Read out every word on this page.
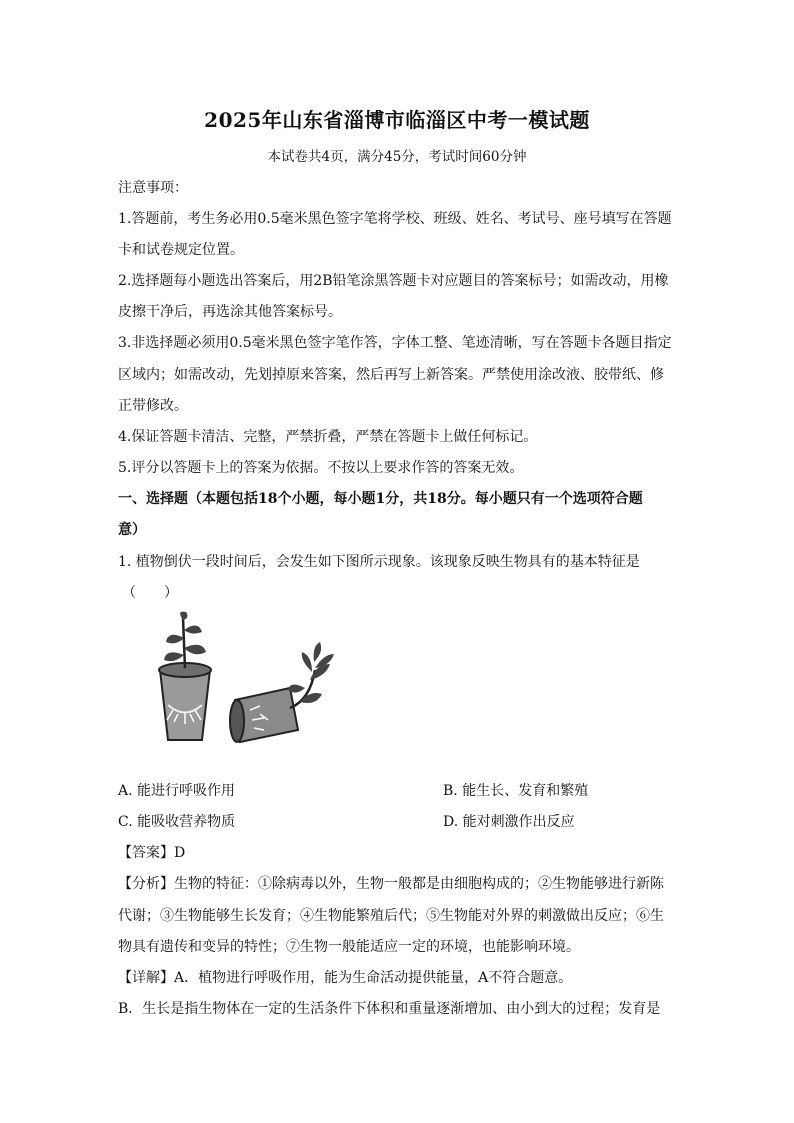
2025年山东省淄博市临淄区中考一模试题
本试卷共4页，满分45分，考试时间60分钟
注意事项：
1.答题前，考生务必用0.5毫米黑色签字笔将学校、班级、姓名、考试号、座号填写在答题
卡和试卷规定位置。
2.选择题每小题选出答案后，用2B铅笔涂黑答题卡对应题目的答案标号；如需改动，用橡
皮擦干净后，再选涂其他答案标号。
3.非选择题必须用0.5毫米黑色签字笔作答，字体工整、笔迹清晰，写在答题卡各题目指定
区域内；如需改动，先划掉原来答案，然后再写上新答案。严禁使用涂改液、胶带纸、修
正带修改。
4.保证答题卡清洁、完整，严禁折叠，严禁在答题卡上做任何标记。
5.评分以答题卡上的答案为依据。不按以上要求作答的答案无效。
一、选择题（本题包括18个小题，每小题1分，共18分。每小题只有一个选项符合题
意）
1. 植物倒伏一段时间后，会发生如下图所示现象。该现象反映生物具有的基本特征是
（　　）
A. 能进行呼吸作用	B. 能生长、发育和繁殖
C. 能吸收营养物质	D. 能对刺激作出反应
【答案】D
【分析】生物的特征：①除病毒以外，生物一般都是由细胞构成的；②生物能够进行新陈
代谢；③生物能够生长发育；④生物能繁殖后代；⑤生物能对外界的刺激做出反应；⑥生
物具有遗传和变异的特性；⑦生物一般能适应一定的环境，也能影响环境。
【详解】A．植物进行呼吸作用，能为生命活动提供能量，A不符合题意。
B．生长是指生物体在一定的生活条件下体积和重量逐渐增加、由小到大的过程；发育是
